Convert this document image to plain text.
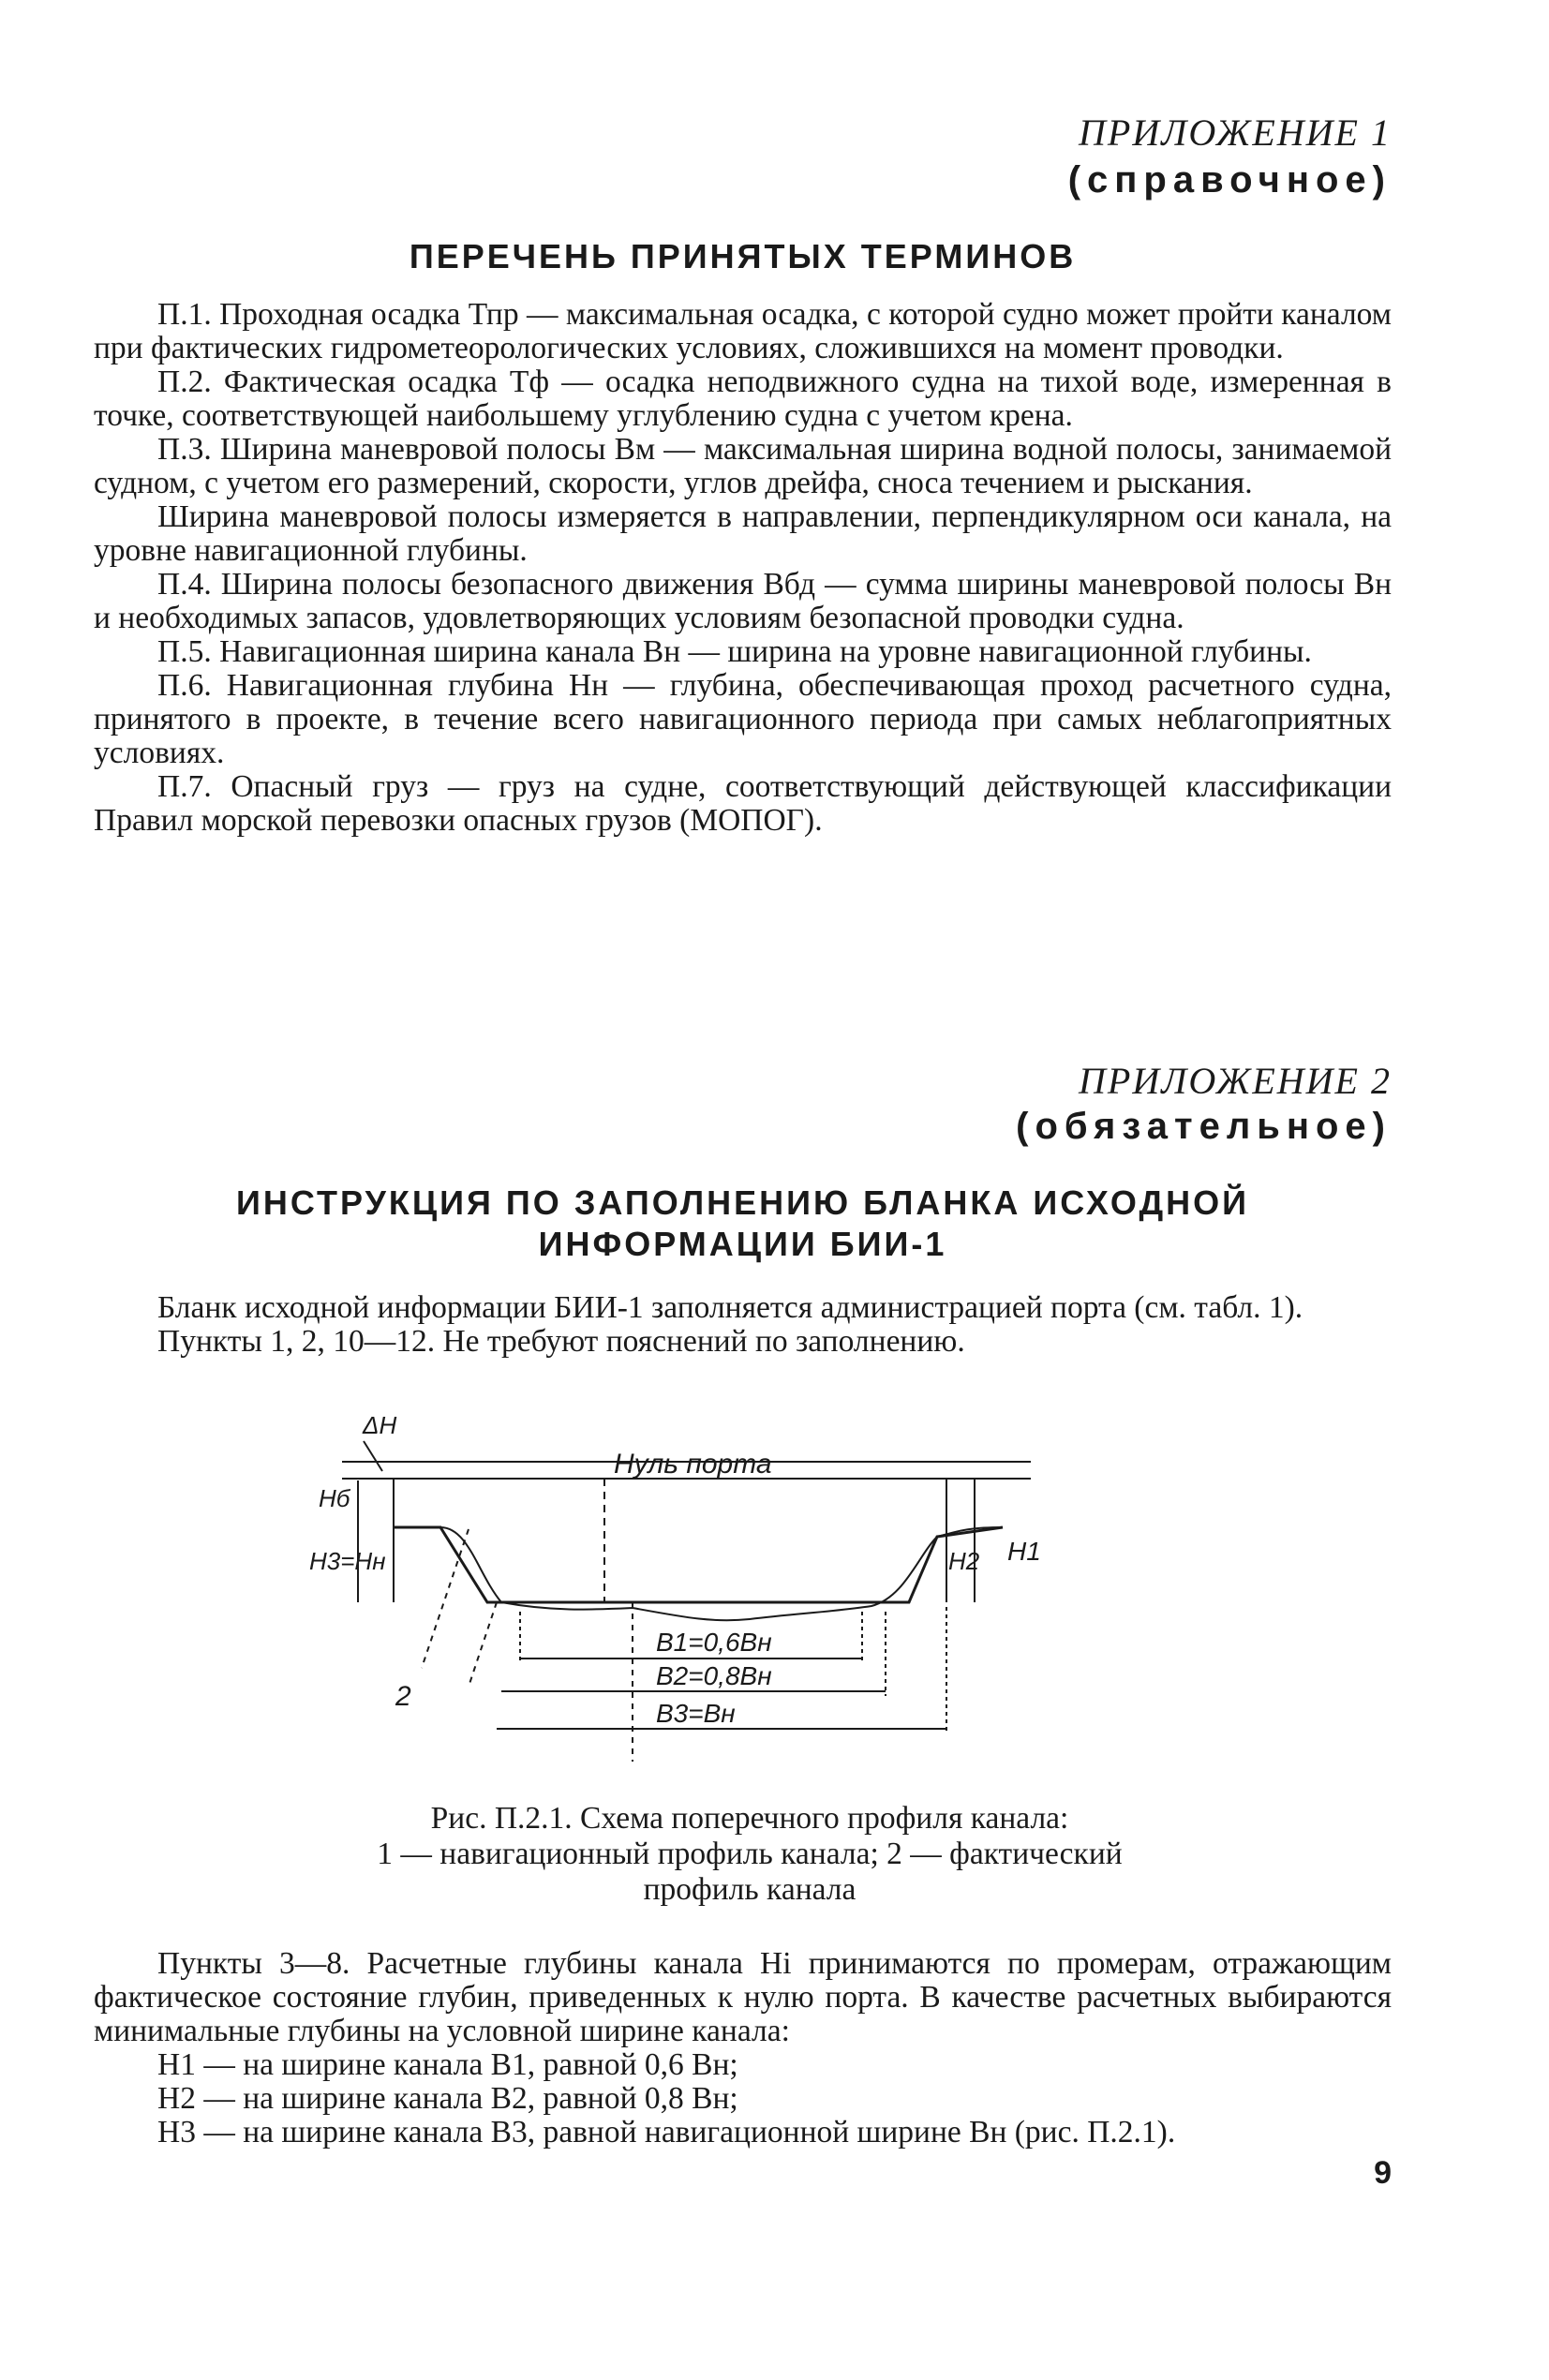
ПРИЛОЖЕНИЕ 1
(справочное)
ПЕРЕЧЕНЬ ПРИНЯТЫХ ТЕРМИНОВ

П.1. Проходная осадка Тпр — максимальная осадка, с которой судно может пройти каналом при фактических гидрометеорологических условиях, сложившихся на момент проводки.

П.2. Фактическая осадка Тф — осадка неподвижного судна на тихой воде, измеренная в точке, соответствующей наибольшему углублению судна с учетом крена.

П.3. Ширина маневровой полосы Вм — максимальная ширина водной полосы, занимаемой судном, с учетом его размерений, скорости, углов дрейфа, сноса течением и рыскания.

Ширина маневровой полосы измеряется в направлении, перпендикулярном оси канала, на уровне навигационной глубины.

П.4. Ширина полосы безопасного движения Вбд — сумма ширины маневровой полосы Вн и необходимых запасов, удовлетворяющих условиям безопасной проводки судна.

П.5. Навигационная ширина канала Вн — ширина на уровне навигационной глубины.

П.6. Навигационная глубина Нн — глубина, обеспечивающая проход расчетного судна, принятого в проекте, в течение всего навигационного периода при самых неблагоприятных условиях.

П.7. Опасный груз — груз на судне, соответствующий действующей классификации Правил морской перевозки опасных грузов (МОПОГ).

ПРИЛОЖЕНИЕ 2
(обязательное)
ИНСТРУКЦИЯ ПО ЗАПОЛНЕНИЮ БЛАНКА ИСХОДНОЙ
ИНФОРМАЦИИ БИИ-1

Бланк исходной информации БИИ-1 заполняется администрацией порта (см. табл. 1).

Пункты 1, 2, 10—12. Не требуют пояснений по заполнению.

ΔН
Нуль порта
Нб
Н3=Нн	Н2 Н1
В1=0,6Вн
В2=0,8Вн
В3=Вн
2
Рис. П.2.1. Схема поперечного профиля канала:
1 — навигационный профиль канала; 2 — фактический профиль канала

Пункты 3—8. Расчетные глубины канала Нi принимаются по промерам, отражающим фактическое состояние глубин, приведенных к нулю порта. В качестве расчетных выбираются минимальные глубины на условной ширине канала:

Н1 — на ширине канала В1, равной 0,6 Вн;

Н2 — на ширине канала В2, равной 0,8 Вн;

Н3 — на ширине канала В3, равной навигационной ширине Вн (рис. П.2.1).

9
